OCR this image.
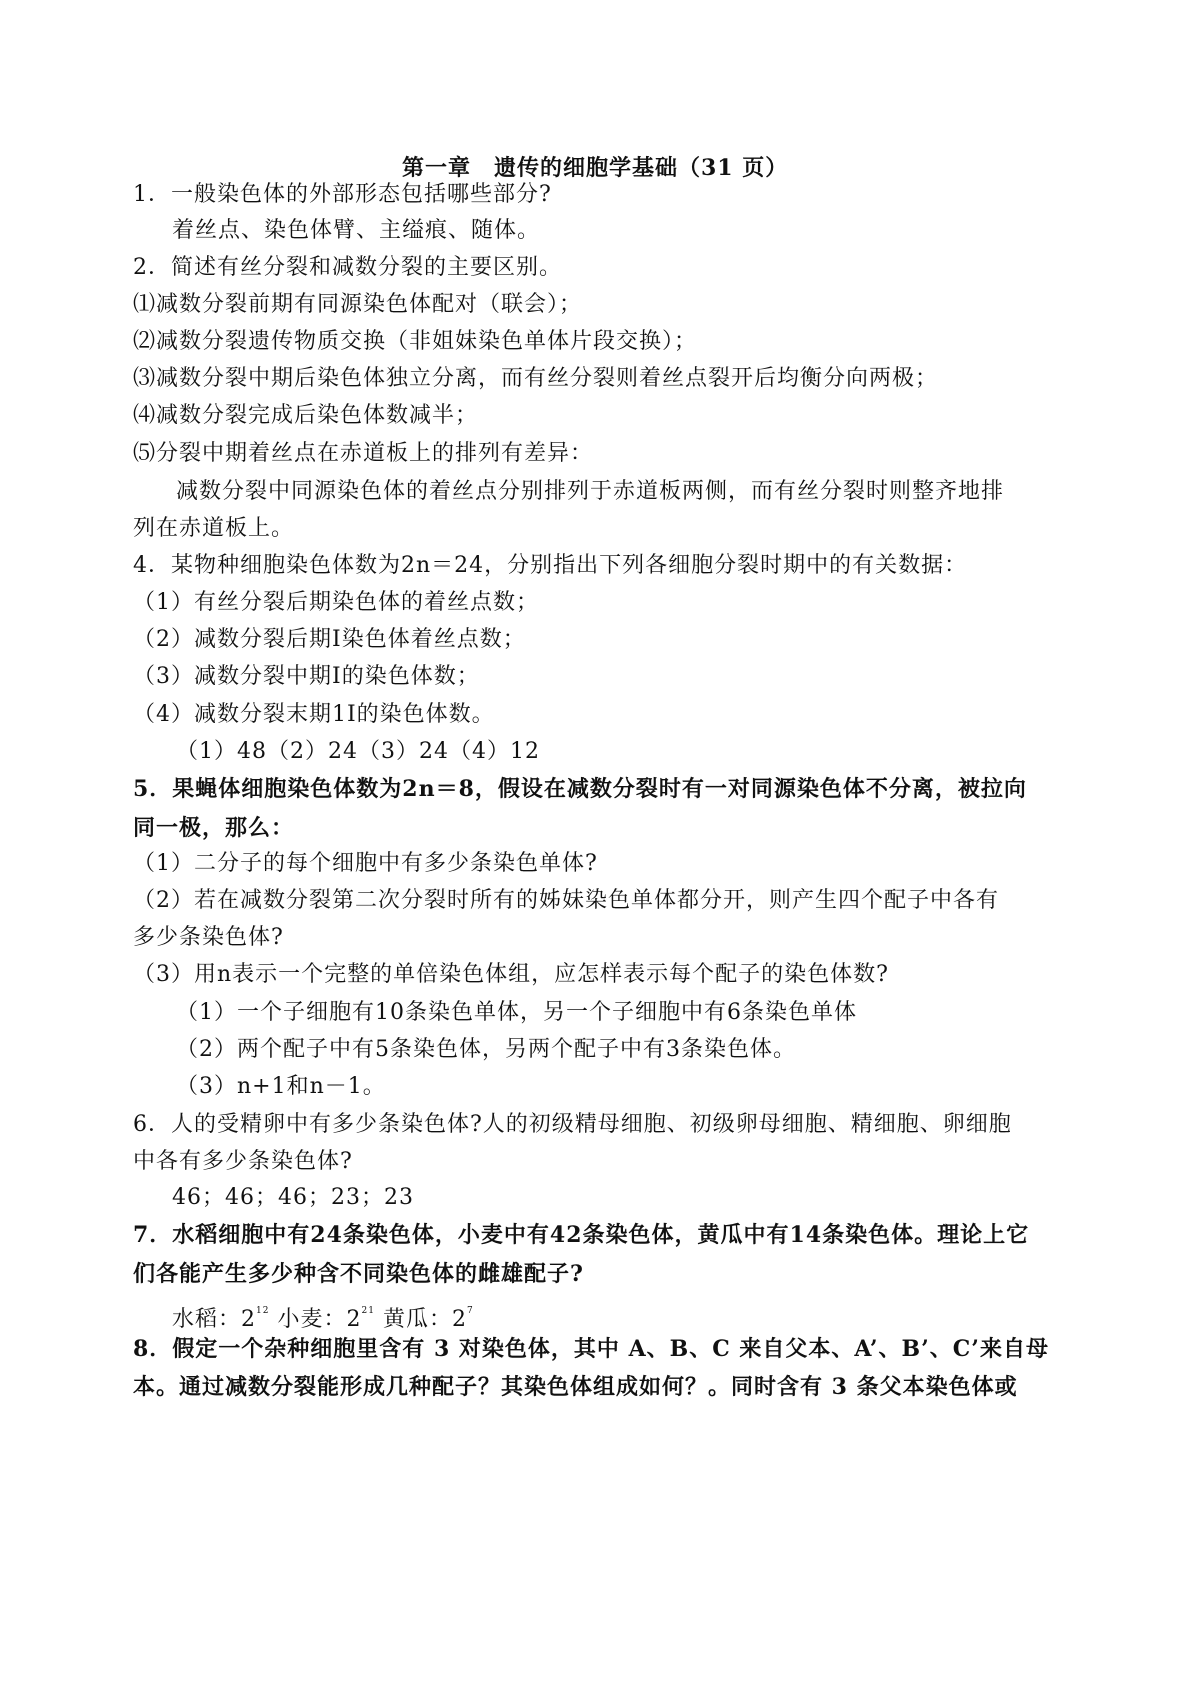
第一章　遗传的细胞学基础（31 页）
1．一般染色体的外部形态包括哪些部分?
着丝点、染色体臂、主缢痕、随体。
2．简述有丝分裂和减数分裂的主要区别。
⑴减数分裂前期有同源染色体配对（联会）；
⑵减数分裂遗传物质交换（非姐妹染色单体片段交换）；
⑶减数分裂中期后染色体独立分离，而有丝分裂则着丝点裂开后均衡分向两极；
⑷减数分裂完成后染色体数减半；
⑸分裂中期着丝点在赤道板上的排列有差异：
减数分裂中同源染色体的着丝点分别排列于赤道板两侧，而有丝分裂时则整齐地排
列在赤道板上。
4．某物种细胞染色体数为2n＝24，分别指出下列各细胞分裂时期中的有关数据：
（1）有丝分裂后期染色体的着丝点数；
（2）减数分裂后期I染色体着丝点数；
（3）减数分裂中期I的染色体数；
（4）减数分裂末期1I的染色体数。
（1）48（2）24（3）24（4）12
5．果蝇体细胞染色体数为2n＝8，假设在减数分裂时有一对同源染色体不分离，被拉向
同一极，那么：
（1）二分子的每个细胞中有多少条染色单体?
（2）若在减数分裂第二次分裂时所有的姊妹染色单体都分开，则产生四个配子中各有
多少条染色体?
（3）用n表示一个完整的单倍染色体组，应怎样表示每个配子的染色体数?
（1）一个子细胞有10条染色单体，另一个子细胞中有6条染色单体
（2）两个配子中有5条染色体，另两个配子中有3条染色体。
（3）n+1和n－1。
6．人的受精卵中有多少条染色体?人的初级精母细胞、初级卵母细胞、精细胞、卵细胞
中各有多少条染色体?
46；46；46；23；23
7．水稻细胞中有24条染色体，小麦中有42条染色体，黄瓜中有14条染色体。理论上它
们各能产生多少种含不同染色体的雌雄配子?
水稻：$2^{12}$ 小麦：$2^{21}$ 黄瓜：$2^7$
8．假定一个杂种细胞里含有 3 对染色体，其中 A、B、C 来自父本、A’、B’、C’来自母
本。通过减数分裂能形成几种配子？其染色体组成如何？。同时含有 3 条父本染色体或
